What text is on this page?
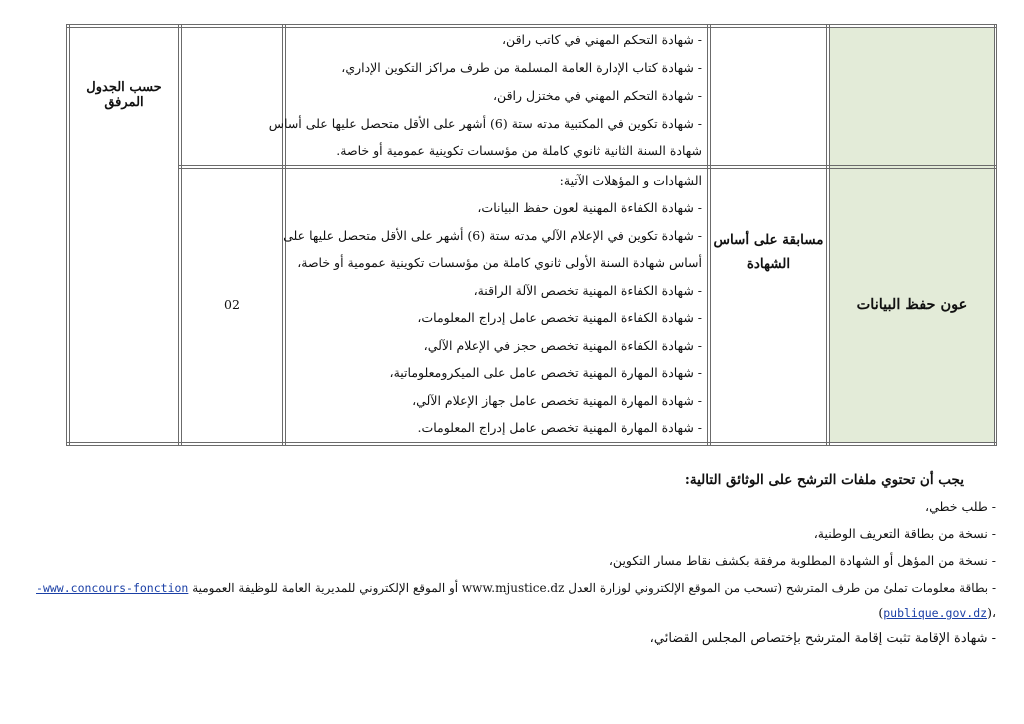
حسب الجدول المرفق
- شهادة التحكم المهني في كاتب راقن،
- شهادة كتاب الإدارة العامة المسلمة من طرف مراكز التكوين الإداري،
- شهادة التحكم المهني في مختزل راقن،
- شهادة تكوين في المكتبية مدته ستة (6) أشهر على الأقل متحصل عليها على أساس
شهادة السنة الثانية ثانوي كاملة من مؤسسات تكوينية عمومية أو خاصة.
02
مسابقة على أساس
الشهادة
عون حفظ البيانات
الشهادات و المؤهلات الآتية:
- شهادة الكفاءة المهنية لعون حفظ البيانات،
- شهادة تكوين في الإعلام الآلي مدته ستة (6) أشهر على الأقل متحصل عليها على
أساس شهادة السنة الأولى ثانوي كاملة من مؤسسات تكوينية عمومية أو خاصة،
- شهادة الكفاءة المهنية تخصص الآلة الراقنة،
- شهادة الكفاءة المهنية تخصص عامل إدراج المعلومات،
- شهادة الكفاءة المهنية تخصص حجز في الإعلام الآلي،
- شهادة المهارة المهنية تخصص عامل على الميكرومعلوماتية،
- شهادة المهارة المهنية تخصص عامل جهاز الإعلام الآلي،
- شهادة المهارة المهنية تخصص عامل إدراج المعلومات.
يجب أن تحتوي ملفات الترشح على الوثائق التالية:
- طلب خطي،
- نسخة من بطاقة التعريف الوطنية،
- نسخة من المؤهل أو الشهادة المطلوبة مرفقة بكشف نقاط مسار التكوين،
- بطاقة معلومات تملئ من طرف المترشح (تسحب من الموقع الإلكتروني لوزارة العدل www.mjustice.dz أو الموقع الإلكتروني للمديرية العامة للوظيفة العمومية www.concours-fonction-
(publique.gov.dz)،
- شهادة الإقامة تثبت إقامة المترشح بإختصاص المجلس القضائي،
